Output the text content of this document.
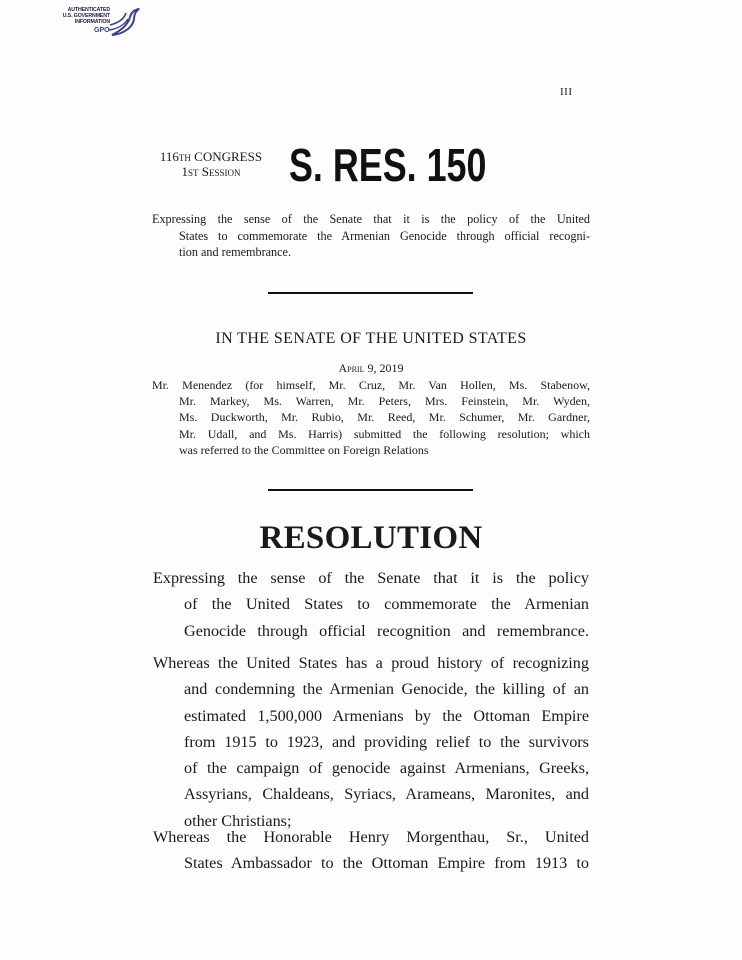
AUTHENTICATED
U.S. GOVERNMENT
INFORMATION
GPO
III
116th CONGRESS
1st Session	S. RES. 150
Expressing the sense of the Senate that it is the policy of the United
States to commemorate the Armenian Genocide through official recogni-
tion and remembrance.
IN THE SENATE OF THE UNITED STATES
April 9, 2019
Mr. Menendez (for himself, Mr. Cruz, Mr. Van Hollen, Ms. Stabenow,
Mr. Markey, Ms. Warren, Mr. Peters, Mrs. Feinstein, Mr. Wyden,
Ms. Duckworth, Mr. Rubio, Mr. Reed, Mr. Schumer, Mr. Gardner,
Mr. Udall, and Ms. Harris) submitted the following resolution; which
was referred to the Committee on Foreign Relations
RESOLUTION
Expressing the sense of the Senate that it is the policy
of the United States to commemorate the Armenian
Genocide through official recognition and remembrance.
Whereas the United States has a proud history of recognizing
and condemning the Armenian Genocide, the killing of an
estimated 1,500,000 Armenians by the Ottoman Empire
from 1915 to 1923, and providing relief to the survivors
of the campaign of genocide against Armenians, Greeks,
Assyrians, Chaldeans, Syriacs, Arameans, Maronites, and
other Christians;
Whereas the Honorable Henry Morgenthau, Sr., United
States Ambassador to the Ottoman Empire from 1913 to
